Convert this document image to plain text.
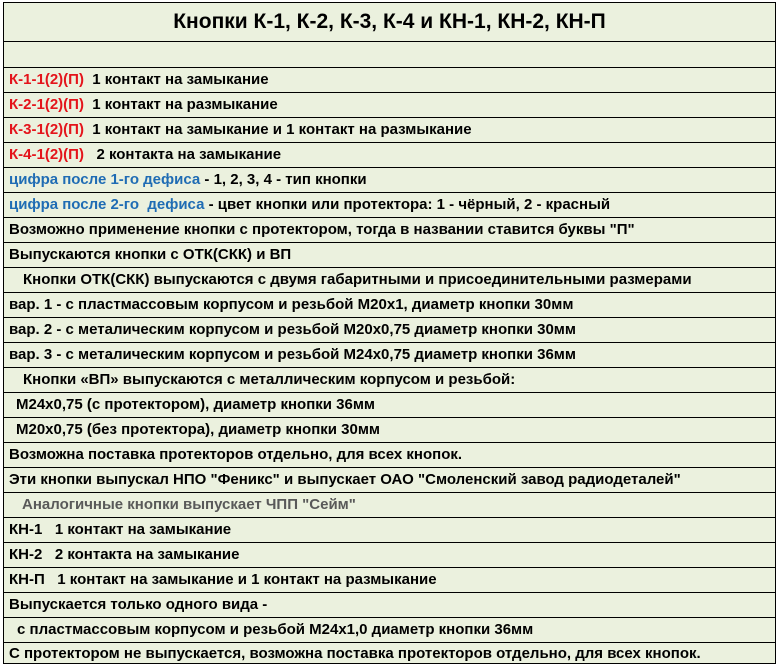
Кнопки К-1, К-2, К-3, К-4 и КН-1, КН-2, КН-П
К-1-1(2)(П)  1 контакт на замыкание
К-2-1(2)(П)  1 контакт на размыкание
К-3-1(2)(П)  1 контакт на замыкание и 1 контакт на размыкание
К-4-1(2)(П)   2 контакта на замыкание
цифра после 1-го дефиса - 1, 2, 3, 4 - тип кнопки
цифра после 2-го  дефиса - цвет кнопки или протектора: 1 - чёрный, 2 - красный
Возможно применение кнопки с протектором, тогда в названии ставится буквы "П"
Выпускаются кнопки с ОТК(СКК) и ВП
Кнопки ОТК(СКК) выпускаются с двумя габаритными и присоединительными размерами
вар. 1 - с пластмассовым корпусом и резьбой М20х1, диаметр кнопки 30мм
вар. 2 - с металическим корпусом и резьбой М20х0,75 диаметр кнопки 30мм
вар. 3 - с металическим корпусом и резьбой М24х0,75 диаметр кнопки 36мм
Кнопки «ВП» выпускаются с металлическим корпусом и резьбой:
М24х0,75 (с протектором), диаметр кнопки 36мм
М20х0,75 (без протектора), диаметр кнопки 30мм
Возможна поставка протекторов отдельно, для всех кнопок.
Эти кнопки выпускал НПО "Феникс" и выпускает ОАО "Смоленский завод радиодеталей"
Аналогичные кнопки выпускает ЧПП "Сейм"
КН-1   1 контакт на замыкание
КН-2   2 контакта на замыкание
КН-П   1 контакт на замыкание и 1 контакт на размыкание
Выпускается только одного вида -
с пластмассовым корпусом и резьбой М24х1,0 диаметр кнопки 36мм
С протектором не выпускается, возможна поставка протекторов отдельно, для всех кнопок.
